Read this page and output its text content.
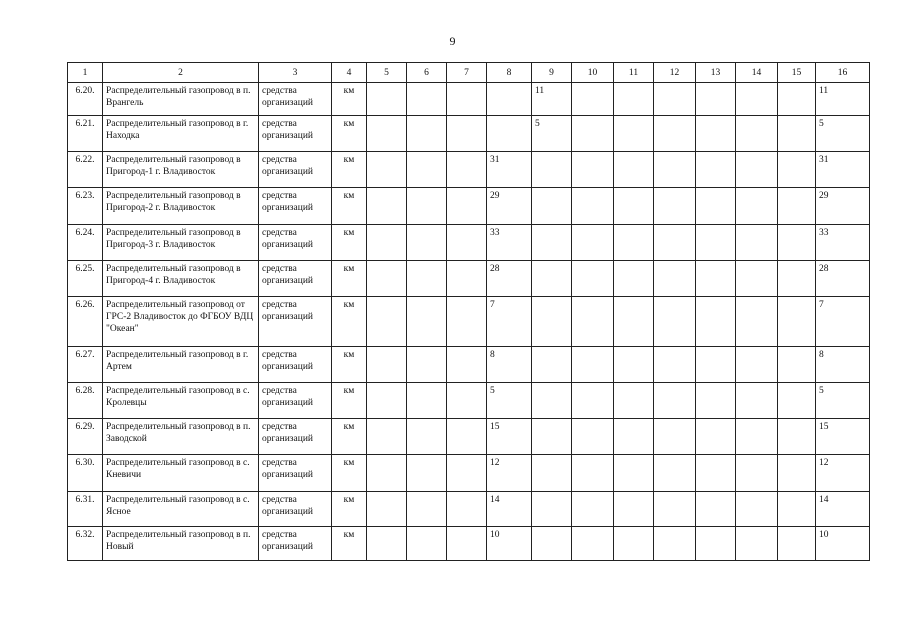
9
1	2	3	4	5	6	7	8	9	10	11	12	13	14	15	16
6.20.	Распределительный газопровод в п. Врангель	средства организаций	км					11							11
6.21.	Распределительный газопровод в г. Находка	средства организаций	км					5							5
6.22.	Распределительный газопровод в Пригород-1 г. Владивосток	средства организаций	км				31								31
6.23.	Распределительный газопровод в Пригород-2 г. Владивосток	средства организаций	км				29								29
6.24.	Распределительный газопровод в Пригород-3 г. Владивосток	средства организаций	км				33								33
6.25.	Распределительный газопровод в Пригород-4 г. Владивосток	средства организаций	км				28								28
6.26.	Распределительный газопровод от ГРС-2 Владивосток до ФГБОУ ВДЦ "Океан"	средства организаций	км				7								7
6.27.	Распределительный газопровод в г. Артем	средства организаций	км				8								8
6.28.	Распределительный газопровод в с. Кролевцы	средства организаций	км				5								5
6.29.	Распределительный газопровод в п. Заводской	средства организаций	км				15								15
6.30.	Распределительный газопровод в с. Кневичи	средства организаций	км				12								12
6.31.	Распределительный газопровод в с. Ясное	средства организаций	км				14								14
6.32.	Распределительный газопровод в п. Новый	средства организаций	км				10								10
